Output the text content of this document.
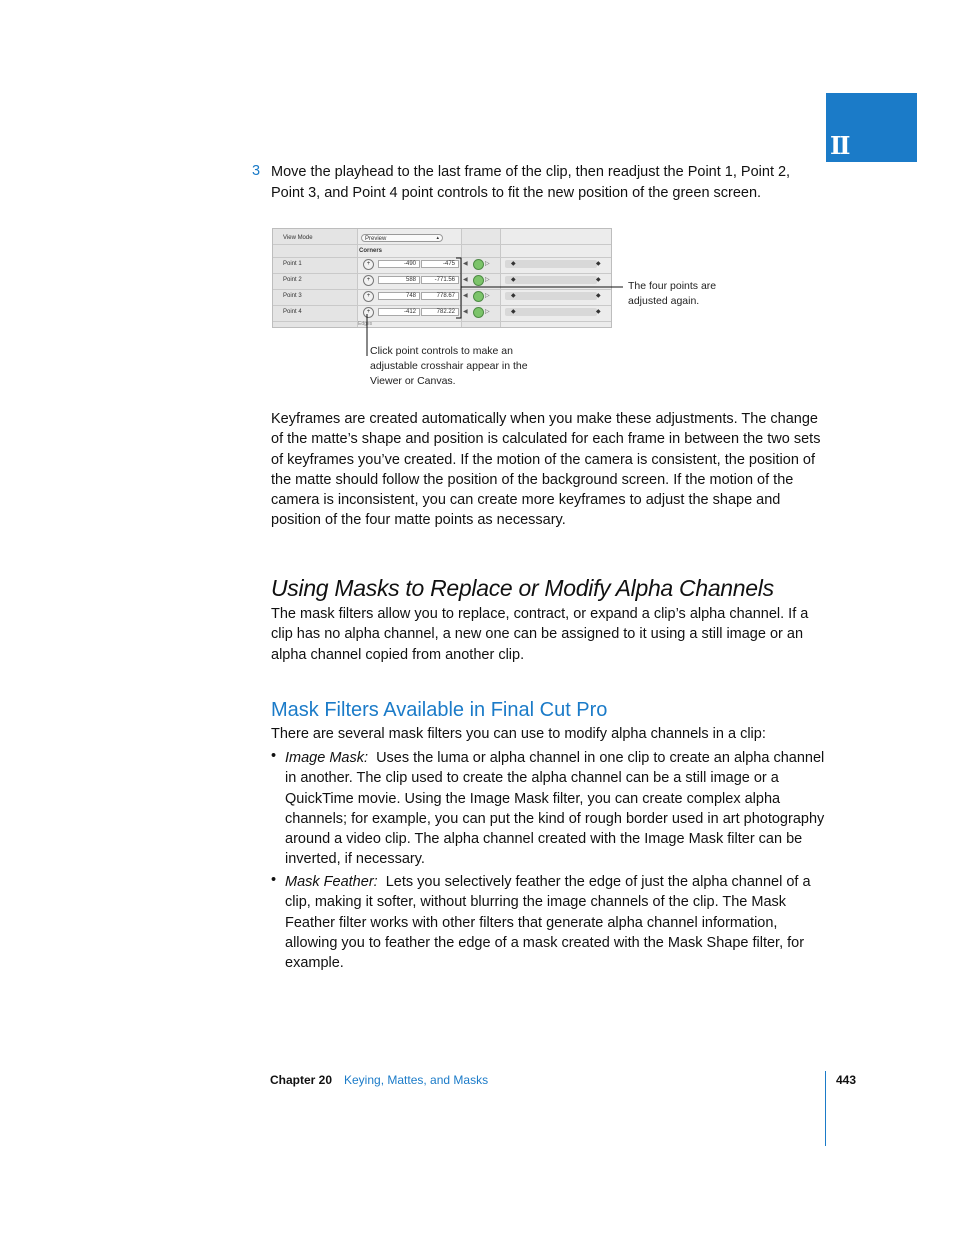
II
3 Move the playhead to the last frame of the clip, then readjust the Point 1, Point 2, Point 3, and Point 4 point controls to fit the new position of the green screen.
View Mode	Preview ▴
Corners
Point 1	+	-490	-475	◀	▷	◆	◆
Point 2	+	588	-771.56	◀	▷	◆	◆
Point 3	+	748	778.67	◀	▷	◆	◆
Point 4	+	-412	782.22	◀	▷	◆	◆
Edges
The four points are adjusted again.
Click point controls to make an adjustable crosshair appear in the Viewer or Canvas.
Keyframes are created automatically when you make these adjustments. The change of the matte’s shape and position is calculated for each frame in between the two sets of keyframes you’ve created. If the motion of the camera is consistent, the position of the matte should follow the position of the background screen. If the motion of the camera is inconsistent, you can create more keyframes to adjust the shape and position of the four matte points as necessary.
Using Masks to Replace or Modify Alpha Channels
The mask filters allow you to replace, contract, or expand a clip’s alpha channel. If a clip has no alpha channel, a new one can be assigned to it using a still image or an alpha channel copied from another clip.
Mask Filters Available in Final Cut Pro
There are several mask filters you can use to modify alpha channels in a clip:
• Image Mask: Uses the luma or alpha channel in one clip to create an alpha channel in another. The clip used to create the alpha channel can be a still image or a QuickTime movie. Using the Image Mask filter, you can create complex alpha channels; for example, you can put the kind of rough border used in art photography around a video clip. The alpha channel created with the Image Mask filter can be inverted, if necessary.
• Mask Feather: Lets you selectively feather the edge of just the alpha channel of a clip, making it softer, without blurring the image channels of the clip. The Mask Feather filter works with other filters that generate alpha channel information, allowing you to feather the edge of a mask created with the Mask Shape filter, for example.
Chapter 20 Keying, Mattes, and Masks	443
